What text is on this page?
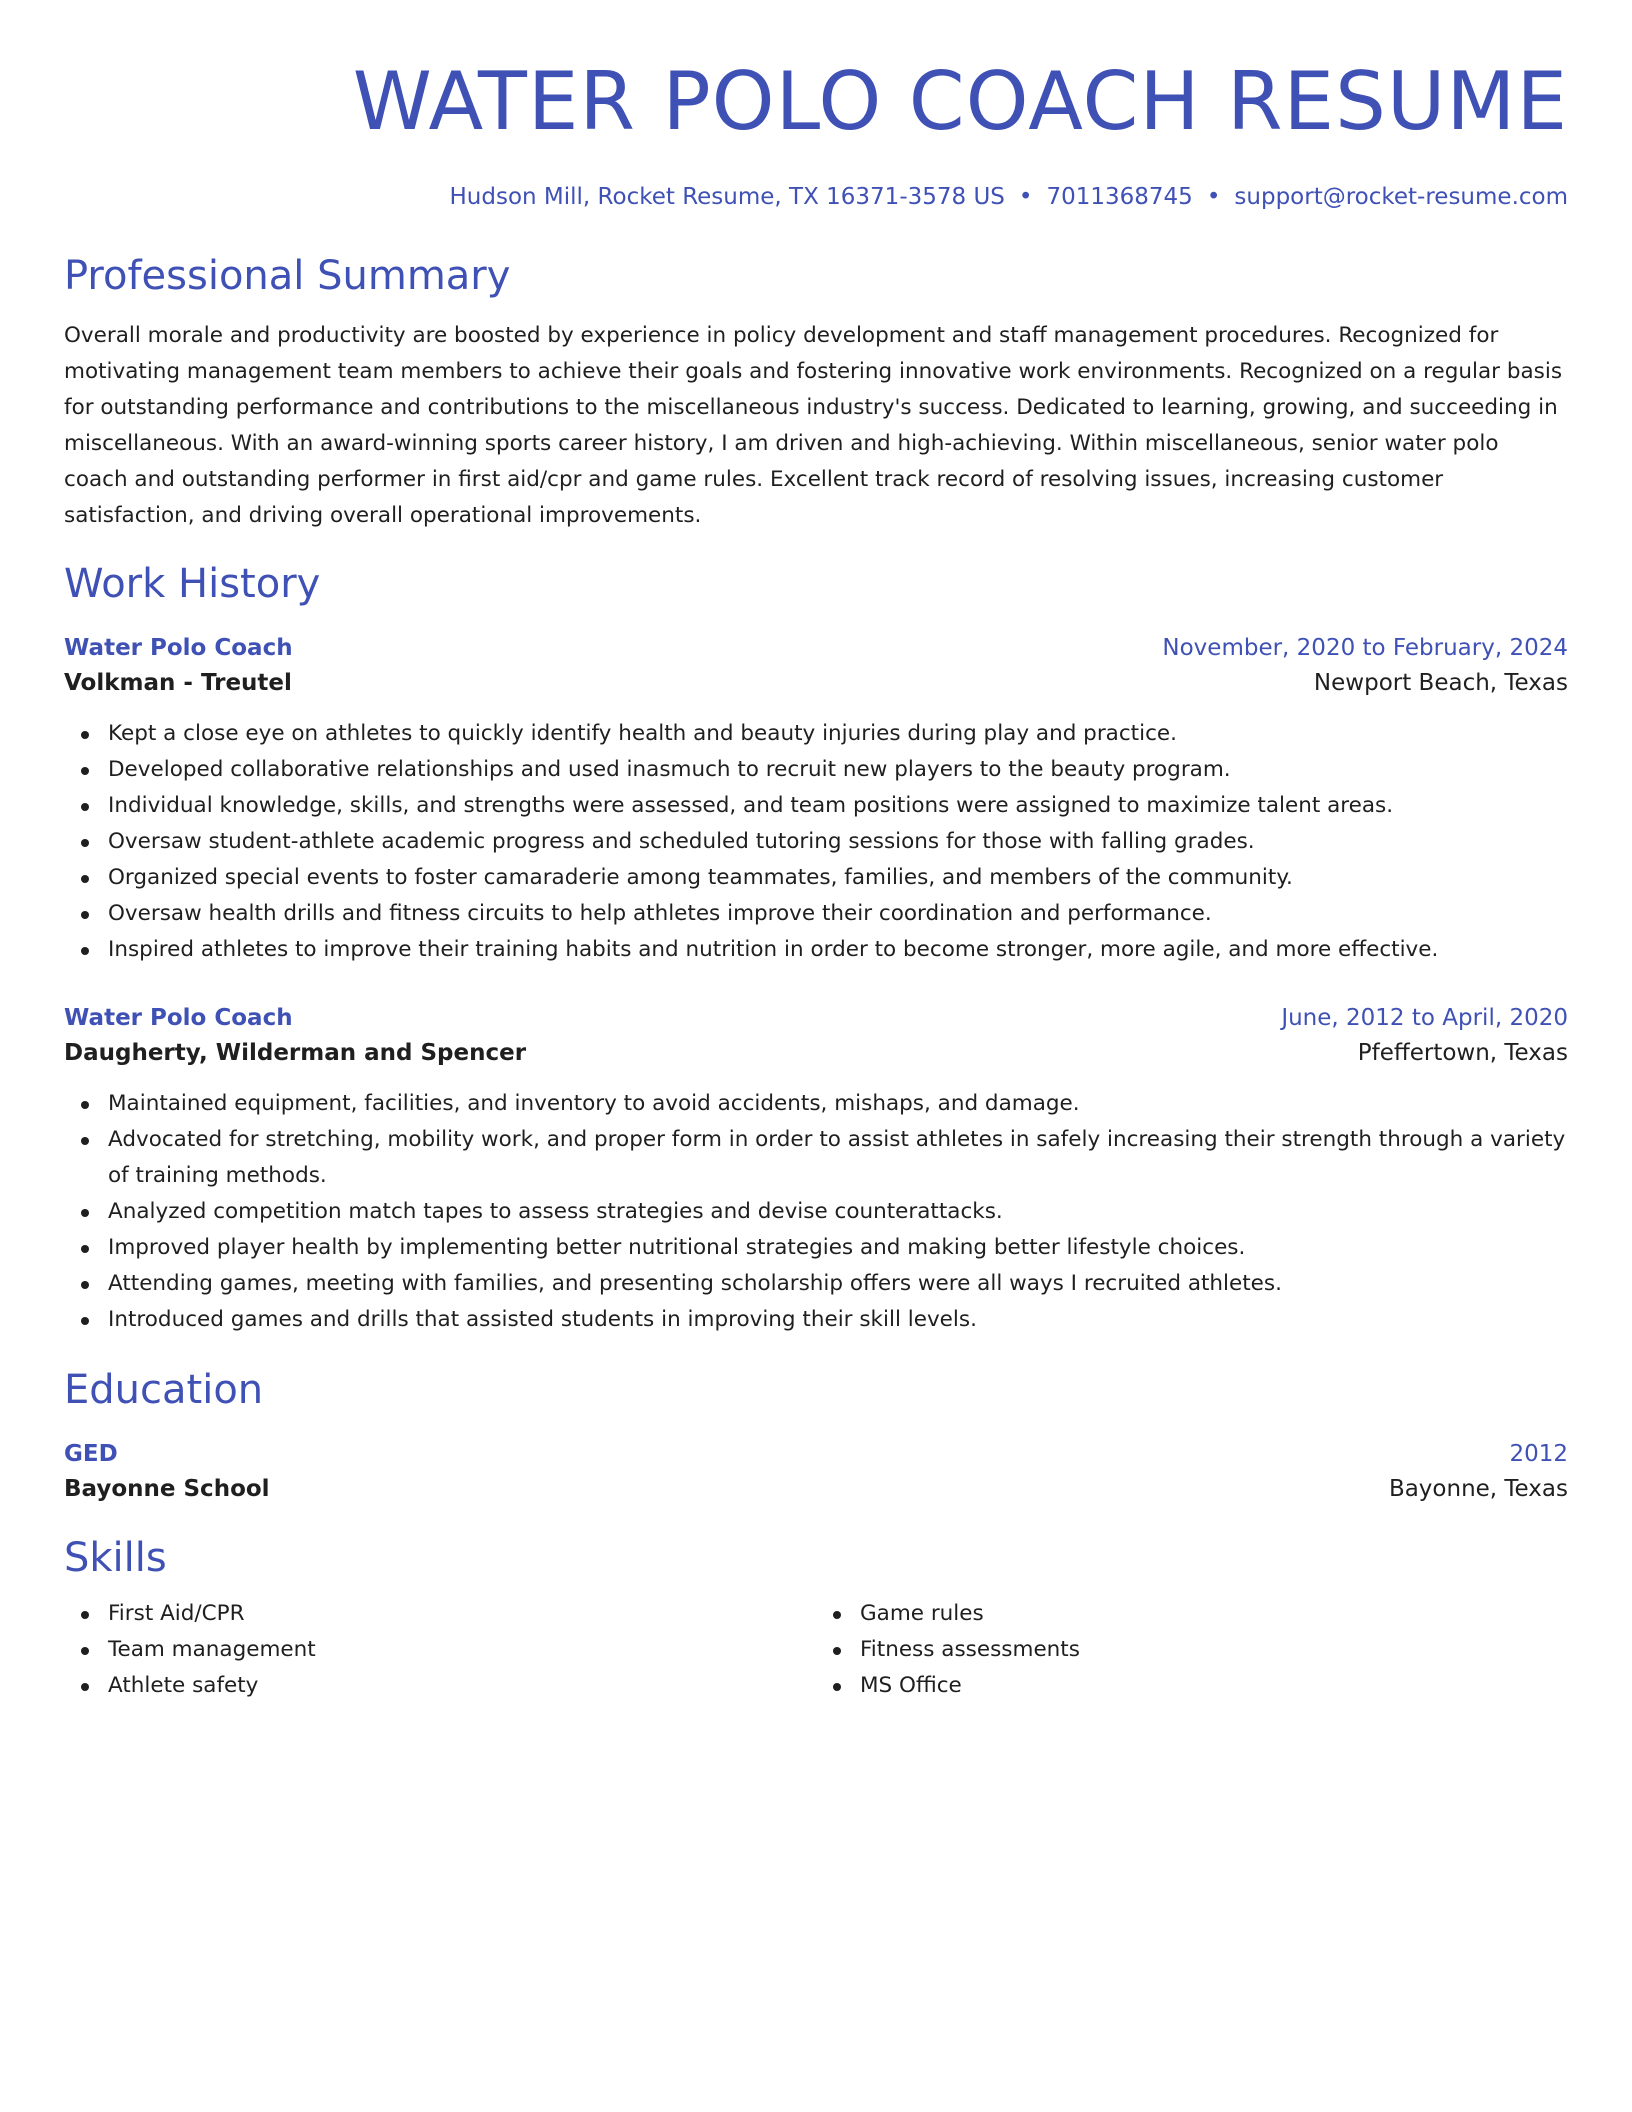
WATER POLO COACH RESUME
Hudson Mill, Rocket Resume, TX 16371-3578 US • 7011368745 • support@rocket-resume.com
Professional Summary

Overall morale and productivity are boosted by experience in policy development and staff management procedures. Recognized for motivating management team members to achieve their goals and fostering innovative work environments. Recognized on a regular basis for outstanding performance and contributions to the miscellaneous industry's success. Dedicated to learning, growing, and succeeding in miscellaneous. With an award-winning sports career history, I am driven and high-achieving. Within miscellaneous, senior water polo coach and outstanding performer in first aid/cpr and game rules. Excellent track record of resolving issues, increasing customer satisfaction, and driving overall operational improvements.

Work History
Water Polo Coach	November, 2020 to February, 2024
Volkman - Treutel	Newport Beach, Texas
Kept a close eye on athletes to quickly identify health and beauty injuries during play and practice.
Developed collaborative relationships and used inasmuch to recruit new players to the beauty program.
Individual knowledge, skills, and strengths were assessed, and team positions were assigned to maximize talent areas.
Oversaw student-athlete academic progress and scheduled tutoring sessions for those with falling grades.
Organized special events to foster camaraderie among teammates, families, and members of the community.
Oversaw health drills and fitness circuits to help athletes improve their coordination and performance.
Inspired athletes to improve their training habits and nutrition in order to become stronger, more agile, and more effective.
Water Polo Coach	June, 2012 to April, 2020
Daugherty, Wilderman and Spencer	Pfeffertown, Texas
Maintained equipment, facilities, and inventory to avoid accidents, mishaps, and damage.
Advocated for stretching, mobility work, and proper form in order to assist athletes in safely increasing their strength through a variety of training methods.
Analyzed competition match tapes to assess strategies and devise counterattacks.
Improved player health by implementing better nutritional strategies and making better lifestyle choices.
Attending games, meeting with families, and presenting scholarship offers were all ways I recruited athletes.
Introduced games and drills that assisted students in improving their skill levels.
Education
GED	2012
Bayonne School	Bayonne, Texas
Skills
First Aid/CPR
Team management
Athlete safety
Game rules
Fitness assessments
MS Office
